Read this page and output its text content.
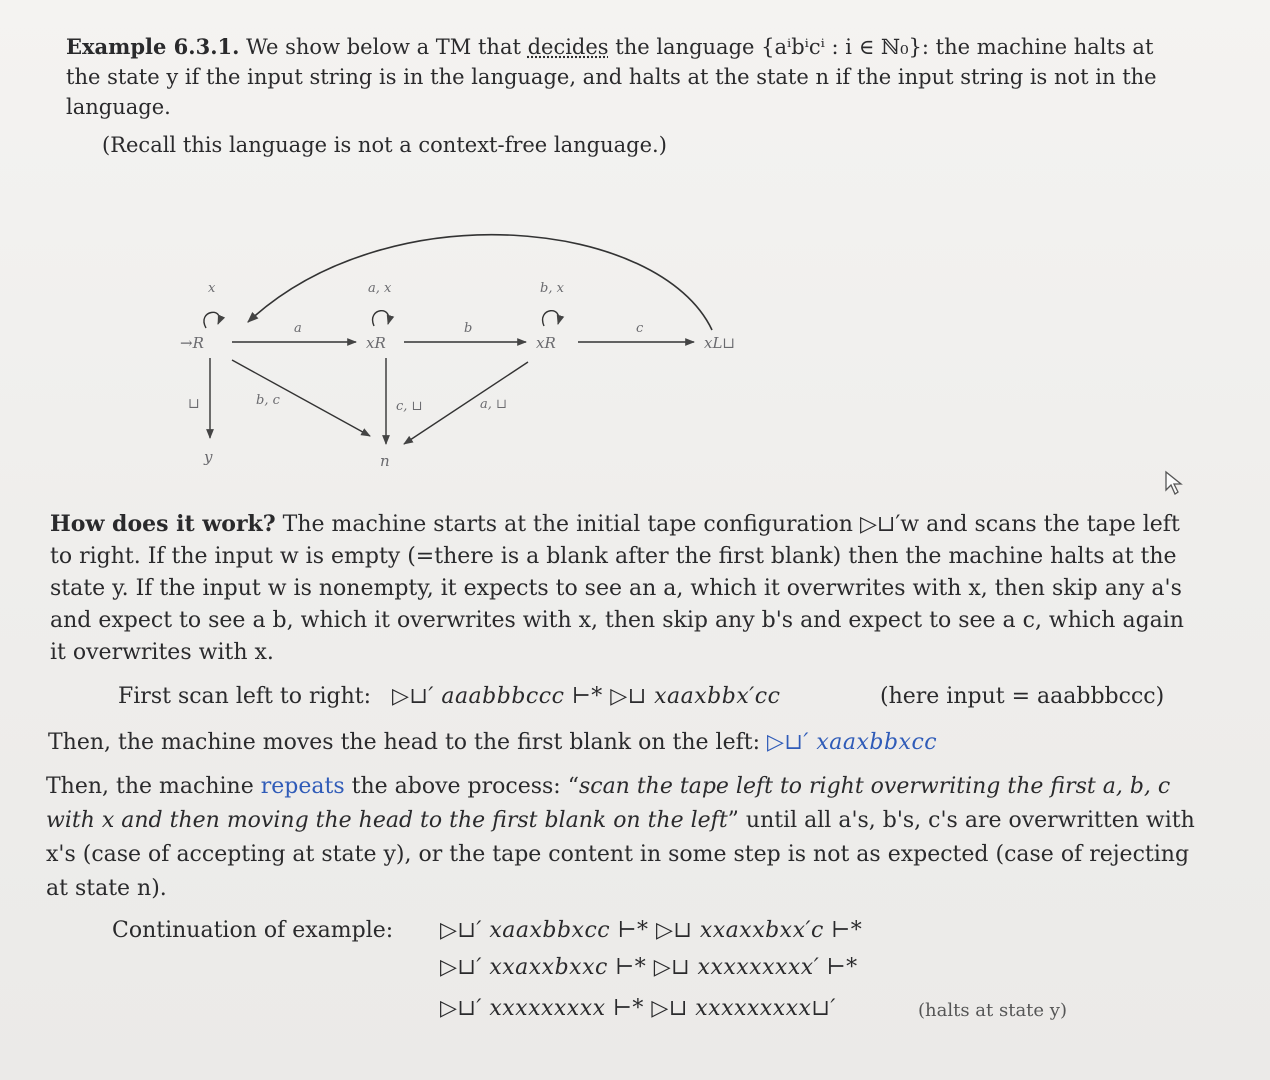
Example 6.3.1. We show below a TM that decides the language {aⁱbⁱcⁱ : i ∈ ℕ₀}: the machine halts at the state y if the input string is in the language, and halts at the state n if the input string is not in the language.

(Recall this language is not a context-free language.)

x	a, x	b, x
→R	xR	xR	xL⊔
a	b	c
⊔	b, c	c, ⊔	a, ⊔
y	n

How does it work? The machine starts at the initial tape configuration ▷⊔′w and scans the tape left to right. If the input w is empty (=there is a blank after the first blank) then the machine halts at the state y. If the input w is nonempty, it expects to see an a, which it overwrites with x, then skip any a's and expect to see a b, which it overwrites with x, then skip any b's and expect to see a c, which again it overwrites with x.

First scan left to right: ▷⊔′ aaabbbccc ⊢* ▷⊔ xaaxbbx′cc	(here input = aaabbbccc)
Then, the machine moves the head to the first blank on the left: ▷⊔′ xaaxbbxcc

Then, the machine repeats the above process: “scan the tape left to right overwriting the first a, b, c with x and then moving the head to the first blank on the left” until all a's, b's, c's are overwritten with x's (case of accepting at state y), or the tape content in some step is not as expected (case of rejecting at state n).

Continuation of example: ▷⊔′ xaaxbbxcc ⊢* ▷⊔ xxaxxbxx′c ⊢*
▷⊔′ xxaxxbxxc ⊢* ▷⊔ xxxxxxxxx′ ⊢*
▷⊔′ xxxxxxxxx ⊢* ▷⊔ xxxxxxxxx⊔′	(halts at state y)
